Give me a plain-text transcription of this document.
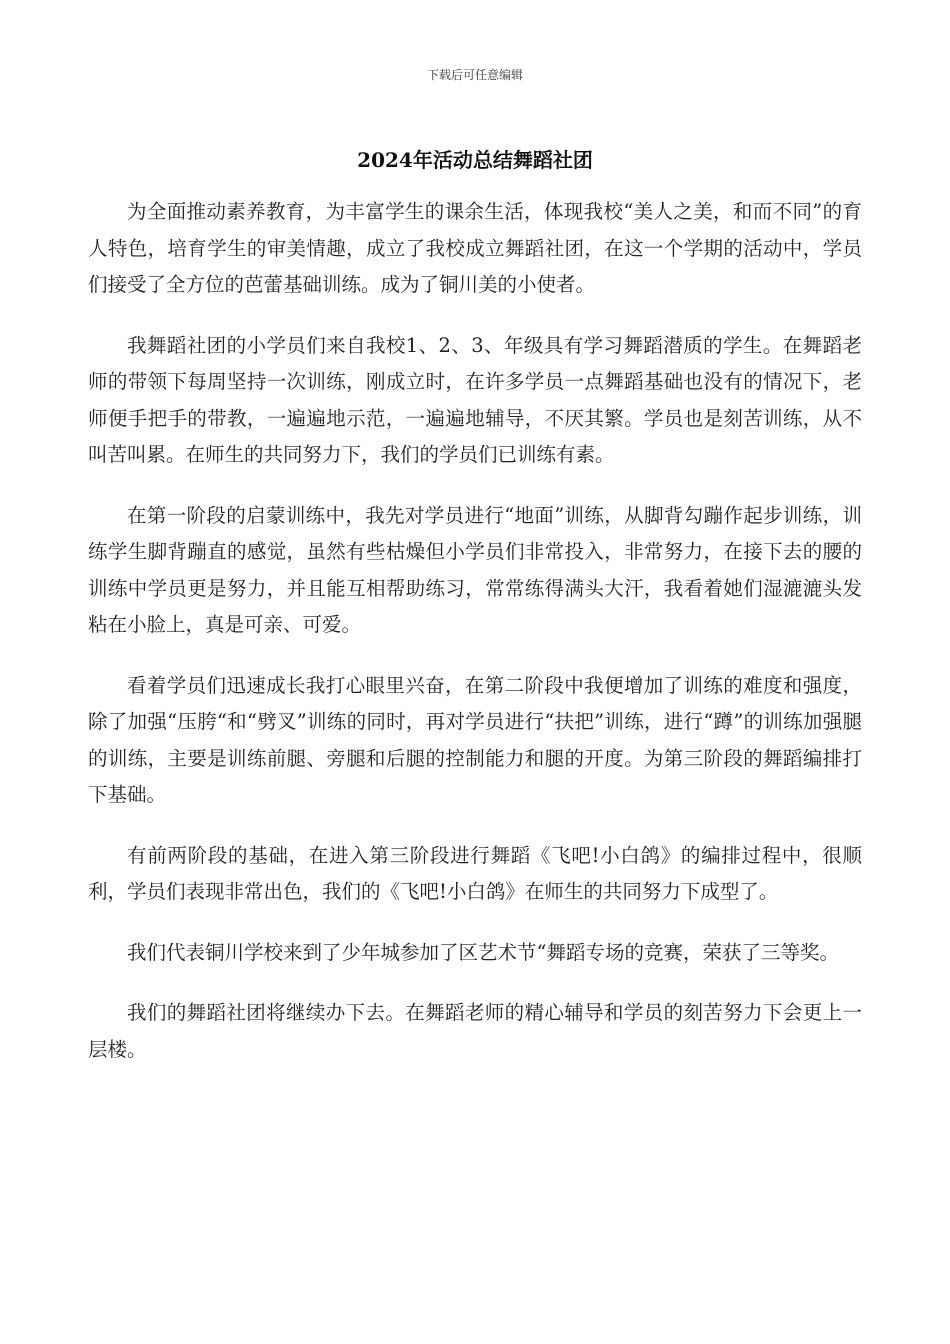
下载后可任意编辑
2024年活动总结舞蹈社团

为全面推动素养教育，为丰富学生的课余生活，体现我校“美人之美，和而不同”的育人特色，培育学生的审美情趣，成立了我校成立舞蹈社团，在这一个学期的活动中，学员们接受了全方位的芭蕾基础训练。成为了铜川美的小使者。

我舞蹈社团的小学员们来自我校1、2、3、年级具有学习舞蹈潜质的学生。在舞蹈老师的带领下每周坚持一次训练，刚成立时，在许多学员一点舞蹈基础也没有的情况下，老师便手把手的带教，一遍遍地示范，一遍遍地辅导，不厌其繁。学员也是刻苦训练，从不叫苦叫累。在师生的共同努力下，我们的学员们已训练有素。

在第一阶段的启蒙训练中，我先对学员进行“地面”训练，从脚背勾蹦作起步训练，训练学生脚背蹦直的感觉，虽然有些枯燥但小学员们非常投入，非常努力，在接下去的腰的训练中学员更是努力，并且能互相帮助练习，常常练得满头大汗，我看着她们湿漉漉头发粘在小脸上，真是可亲、可爱。

看着学员们迅速成长我打心眼里兴奋，在第二阶段中我便增加了训练的难度和强度，除了加强“压胯“和“劈叉”训练的同时，再对学员进行“扶把”训练，进行“蹲”的训练加强腿的训练，主要是训练前腿、旁腿和后腿的控制能力和腿的开度。为第三阶段的舞蹈编排打下基础。

有前两阶段的基础，在进入第三阶段进行舞蹈《飞吧!小白鸽》的编排过程中，很顺利，学员们表现非常出色，我们的《飞吧!小白鸽》在师生的共同努力下成型了。

我们代表铜川学校来到了少年城参加了区艺术节“舞蹈专场的竞赛，荣获了三等奖。

我们的舞蹈社团将继续办下去。在舞蹈老师的精心辅导和学员的刻苦努力下会更上一层楼。
